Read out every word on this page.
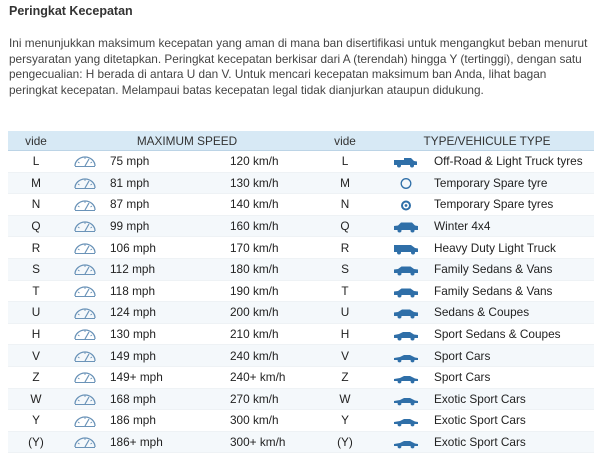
Peringkat Kecepatan
Ini menunjukkan maksimum kecepatan yang aman di mana ban disertifikasi untuk mengangkut beban menurut persyaratan yang ditetapkan. Peringkat kecepatan berkisar dari A (terendah) hingga Y (tertinggi), dengan satu pengecualian: H berada di antara U dan V. Untuk mencari kecepatan maksimum ban Anda, lihat bagan peringkat kecepatan. Melampaui batas kecepatan legal tidak dianjurkan ataupun didukung.
vide	MAXIMUM SPEED			vide	TYPE/VEHICULE TYPE	
L		75 mph	120 km/h	L		Off-Road & Light Truck tyres
M		81 mph	130 km/h	M		Temporary Spare tyre
N		87 mph	140 km/h	N		Temporary Spare tyres
Q		99 mph	160 km/h	Q		Winter 4x4
R		106 mph	170 km/h	R		Heavy Duty Light Truck
S		112 mph	180 km/h	S		Family Sedans & Vans
T		118 mph	190 km/h	T		Family Sedans & Vans
U		124 mph	200 km/h	U		Sedans & Coupes
H		130 mph	210 km/h	H		Sport Sedans & Coupes
V		149 mph	240 km/h	V		Sport Cars
Z		149+ mph	240+ km/h	Z		Sport Cars
W		168 mph	270 km/h	W		Exotic Sport Cars
Y		186 mph	300 km/h	Y		Exotic Sport Cars
(Y)		186+ mph	300+ km/h	(Y)		Exotic Sport Cars
